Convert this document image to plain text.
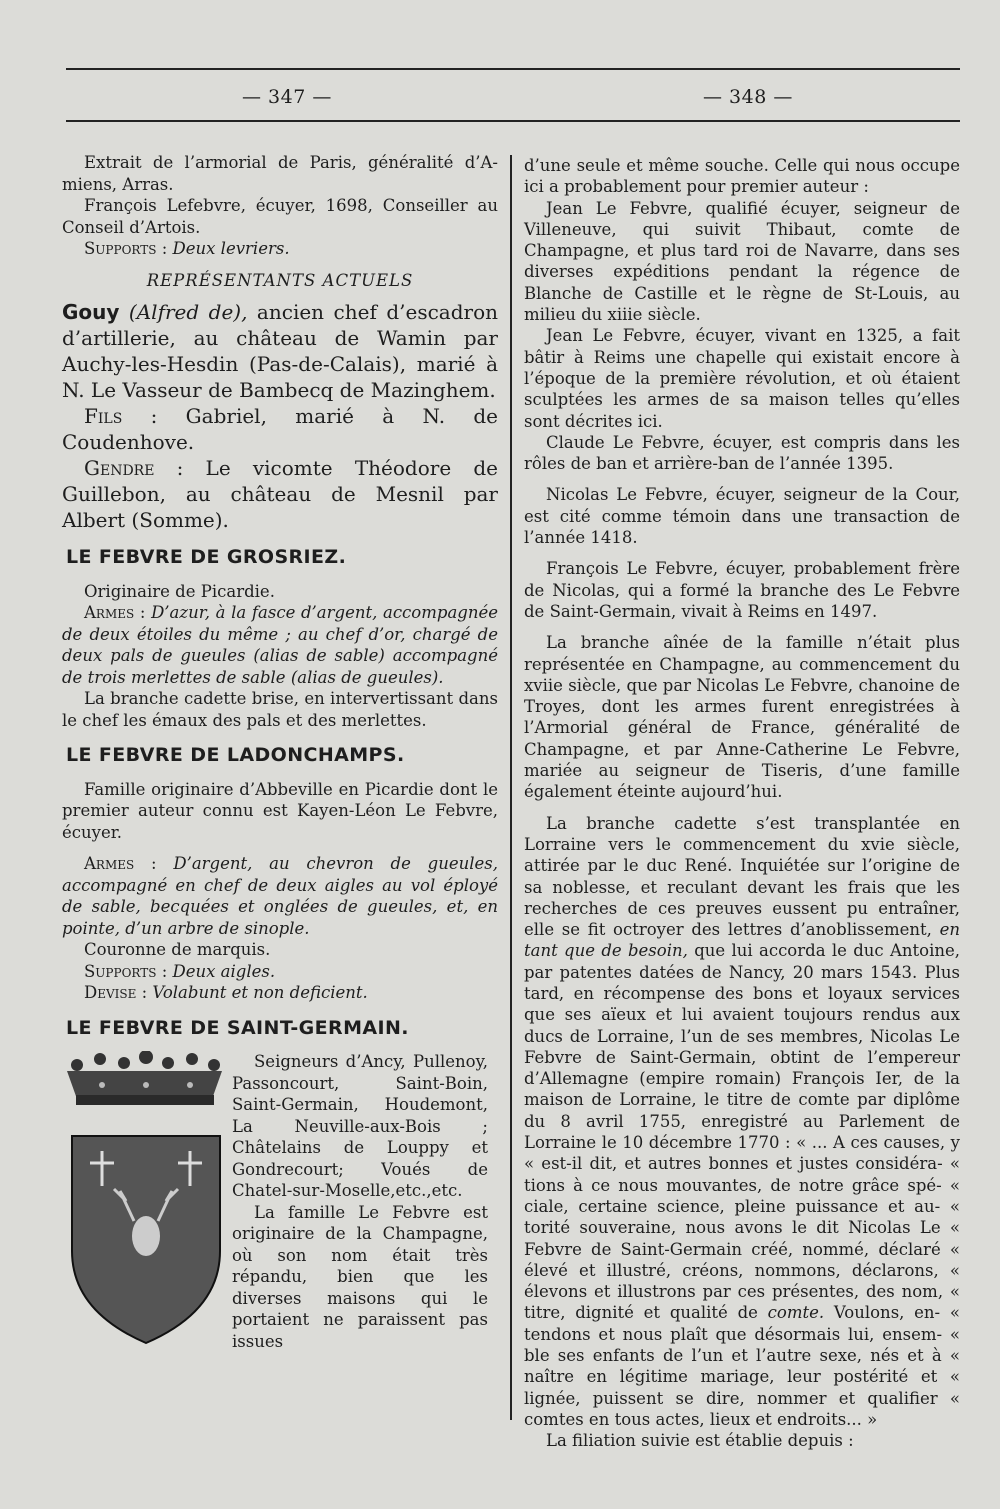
— 347 —	— 348 —

Extrait de l’armorial de Paris, généralité d’A-miens, Arras.

François Lefebvre, écuyer, 1698, Conseiller au Conseil d’Artois.

Supports : Deux levriers.

REPRÉSENTANTS ACTUELS
Gouy (Alfred de), ancien chef d’escadron d’artillerie, au château de Wamin par Auchy-les-Hesdin (Pas-de-Calais), marié à N. Le Vasseur de Bambecq de Mazinghem.
Fils : Gabriel, marié à N. de Coudenhove.
Gendre : Le vicomte Théodore de Guillebon, au château de Mesnil par Albert (Somme).
LE FEBVRE DE GROSRIEZ.

Originaire de Picardie.

Armes : D’azur, à la fasce d’argent, accompagnée de deux étoiles du même ; au chef d’or, chargé de deux pals de gueules (alias de sable) accompagné de trois merlettes de sable (alias de gueules).

La branche cadette brise, en intervertissant dans le chef les émaux des pals et des merlettes.

LE FEBVRE DE LADONCHAMPS.

Famille originaire d’Abbeville en Picardie dont le premier auteur connu est Kayen-Léon Le Febvre, écuyer.

Armes : D’argent, au chevron de gueules, accompagné en chef de deux aigles au vol éployé de sable, becquées et onglées de gueules, et, en pointe, d’un arbre de sinople.

Couronne de marquis.

Supports : Deux aigles.

Devise : Volabunt et non deficient.

LE FEBVRE DE SAINT-GERMAIN.

Seigneurs d’Ancy, Pullenoy, Passoncourt, Saint-Boin, Saint-Germain, Houdemont, La Neuville-aux-Bois ; Châtelains de Louppy et Gondrecourt; Voués de Chatel-sur-Moselle,etc.,etc.

La famille Le Febvre est originaire de la Champagne, où son nom était très répandu, bien que les diverses maisons qui le portaient ne paraissent pas issues

d’une seule et même souche. Celle qui nous occupe ici a probablement pour premier auteur :

Jean Le Febvre, qualifié écuyer, seigneur de Villeneuve, qui suivit Thibaut, comte de Champagne, et plus tard roi de Navarre, dans ses diverses expéditions pendant la régence de Blanche de Castille et le règne de St-Louis, au milieu du xiiie siècle.

Jean Le Febvre, écuyer, vivant en 1325, a fait bâtir à Reims une chapelle qui existait encore à l’époque de la première révolution, et où étaient sculptées les armes de sa maison telles qu’elles sont décrites ici.

Claude Le Febvre, écuyer, est compris dans les rôles de ban et arrière-ban de l’année 1395.

Nicolas Le Febvre, écuyer, seigneur de la Cour, est cité comme témoin dans une transaction de l’année 1418.

François Le Febvre, écuyer, probablement frère de Nicolas, qui a formé la branche des Le Febvre de Saint-Germain, vivait à Reims en 1497.

La branche aînée de la famille n’était plus représentée en Champagne, au commencement du xviie siècle, que par Nicolas Le Febvre, chanoine de Troyes, dont les armes furent enregistrées à l’Armorial général de France, généralité de Champagne, et par Anne-Catherine Le Febvre, mariée au seigneur de Tiseris, d’une famille également éteinte aujourd’hui.

La branche cadette s’est transplantée en Lorraine vers le commencement du xvie siècle, attirée par le duc René. Inquiétée sur l’origine de sa noblesse, et reculant devant les frais que les recherches de ces preuves eussent pu entraîner, elle se fit octroyer des lettres d’anoblissement, en tant que de besoin, que lui accorda le duc Antoine, par patentes datées de Nancy, 20 mars 1543. Plus tard, en récompense des bons et loyaux services que ses aïeux et lui avaient toujours rendus aux ducs de Lorraine, l’un de ses membres, Nicolas Le Febvre de Saint-Germain, obtint de l’empereur d’Allemagne (empire romain) François Ier, de la maison de Lorraine, le titre de comte par diplôme du 8 avril 1755, enregistré au Parlement de Lorraine le 10 décembre 1770 : « ... A ces causes, y « est-il dit, et autres bonnes et justes considéra- « tions à ce nous mouvantes, de notre grâce spé- « ciale, certaine science, pleine puissance et au- « torité souveraine, nous avons le dit Nicolas Le « Febvre de Saint-Germain créé, nommé, déclaré « élevé et illustré, créons, nommons, déclarons, « élevons et illustrons par ces présentes, des nom, « titre, dignité et qualité de comte. Voulons, en- « tendons et nous plaît que désormais lui, ensem- « ble ses enfants de l’un et l’autre sexe, nés et à « naître en légitime mariage, leur postérité et « lignée, puissent se dire, nommer et qualifier « comtes en tous actes, lieux et endroits... »

La filiation suivie est établie depuis :
